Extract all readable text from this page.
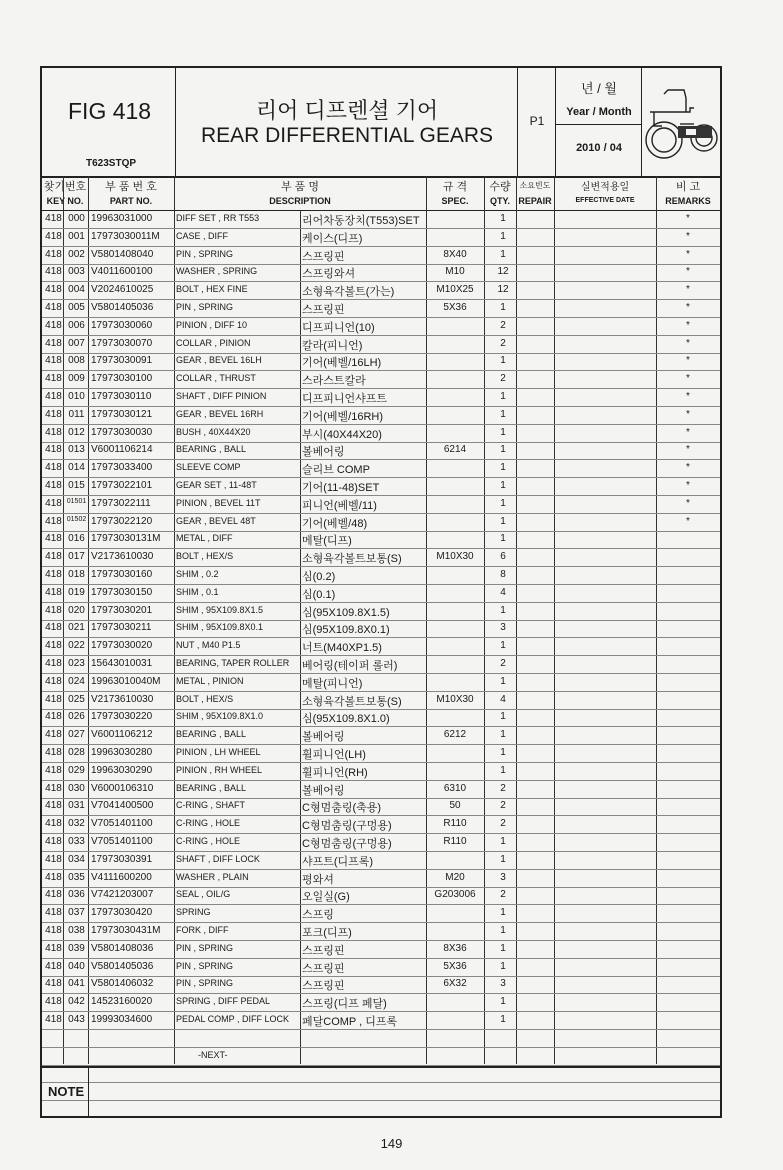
FIG 418
T623STQP
리어 디프렌셜 기어
REAR DIFFERENTIAL GEARS
P1
년 / 월
Year / Month
2010 / 04
찾기번호
KEY NO.
부 품 번 호
PART NO.
부 품 명
DESCRIPTION
규 격
SPEC.
수량
QTY.
소요빈도
REPAIR
실변적용일
EFFECTIVE DATE
비 고
REMARKS
418 000 19963031000	DIFF SET , RR T553	리어차동장치(T553)SET	1	*
418 001 17973030011M	CASE , DIFF	케이스(디프)	1	*
418 002 V5801408040	PIN , SPRING	스프링핀	8X40	1	*
418 003 V4011600100	WASHER , SPRING	스프링와셔	M10	12	*
418 004 V2024610025	BOLT , HEX FINE	소형육각볼트(가는)	M10X25	12	*
418 005 V5801405036	PIN , SPRING	스프링핀	5X36	1	*
418 006 17973030060	PINION , DIFF 10	디프피니언(10)	2	*
418 007 17973030070	COLLAR , PINION	칼라(피니언)	2	*
418 008 17973030091	GEAR , BEVEL 16LH	기어(베벨/16LH)	1	*
418 009 17973030100	COLLAR , THRUST	스라스트칼라	2	*
418 010 17973030110	SHAFT , DIFF PINION	디프피니언샤프트	1	*
418 011 17973030121	GEAR , BEVEL 16RH	기어(베벨/16RH)	1	*
418 012 17973030030	BUSH , 40X44X20	부시(40X44X20)	1	*
418 013 V6001106214	BEARING , BALL	볼베어링	6214	1	*
418 014 17973033400	SLEEVE COMP	슬리브 COMP	1	*
418 015 17973022101	GEAR SET , 11-48T	기어(11-48)SET	1	*
418 01501 17973022111	PINION , BEVEL 11T	피니언(베벨/11)	1	*
418 01502 17973022120	GEAR , BEVEL 48T	기어(베벨/48)	1	*
418 016 17973030131M	METAL , DIFF	메탈(디프)	1
418 017 V2173610030	BOLT , HEX/S	소형육각볼트보통(S)	M10X30	6
418 018 17973030160	SHIM , 0.2	심(0.2)	8
418 019 17973030150	SHIM , 0.1	심(0.1)	4
418 020 17973030201	SHIM , 95X109.8X1.5	심(95X109.8X1.5)	1
418 021 17973030211	SHIM , 95X109.8X0.1	심(95X109.8X0.1)	3
418 022 17973030020	NUT , M40 P1.5	너트(M40XP1.5)	1
418 023 15643010031	BEARING, TAPER ROLLER	베어링(테이퍼 롤러)	2
418 024 19963010040M	METAL , PINION	메탈(피니언)	1
418 025 V2173610030	BOLT , HEX/S	소형육각볼트보통(S)	M10X30	4
418 026 17973030220	SHIM , 95X109.8X1.0	심(95X109.8X1.0)	1
418 027 V6001106212	BEARING , BALL	볼베어링	6212	1
418 028 19963030280	PINION , LH WHEEL	휠피니언(LH)	1
418 029 19963030290	PINION , RH WHEEL	휠피니언(RH)	1
418 030 V6000106310	BEARING , BALL	볼베어링	6310	2
418 031 V7041400500	C-RING , SHAFT	C형멈춤링(축용)	50	2
418 032 V7051401100	C-RING , HOLE	C형멈춤링(구멍용)	R110	2
418 033 V7051401100	C-RING , HOLE	C형멈춤링(구멍용)	R110	1
418 034 17973030391	SHAFT , DIFF LOCK	샤프트(디프록)	1
418 035 V4111600200	WASHER , PLAIN	평와셔	M20	3
418 036 V7421203007	SEAL , OIL/G	오일실(G)	G203006	2
418 037 17973030420	SPRING	스프링	1
418 038 17973030431M	FORK , DIFF	포크(디프)	1
418 039 V5801408036	PIN , SPRING	스프링핀	8X36	1
418 040 V5801405036	PIN , SPRING	스프링핀	5X36	1
418 041 V5801406032	PIN , SPRING	스프링핀	6X32	3
418 042 14523160020	SPRING , DIFF PEDAL	스프링(디프 페달)	1
418 043 19993034600	PEDAL COMP , DIFF LOCK	페달COMP , 디프록	1
-NEXT-
NOTE
149
